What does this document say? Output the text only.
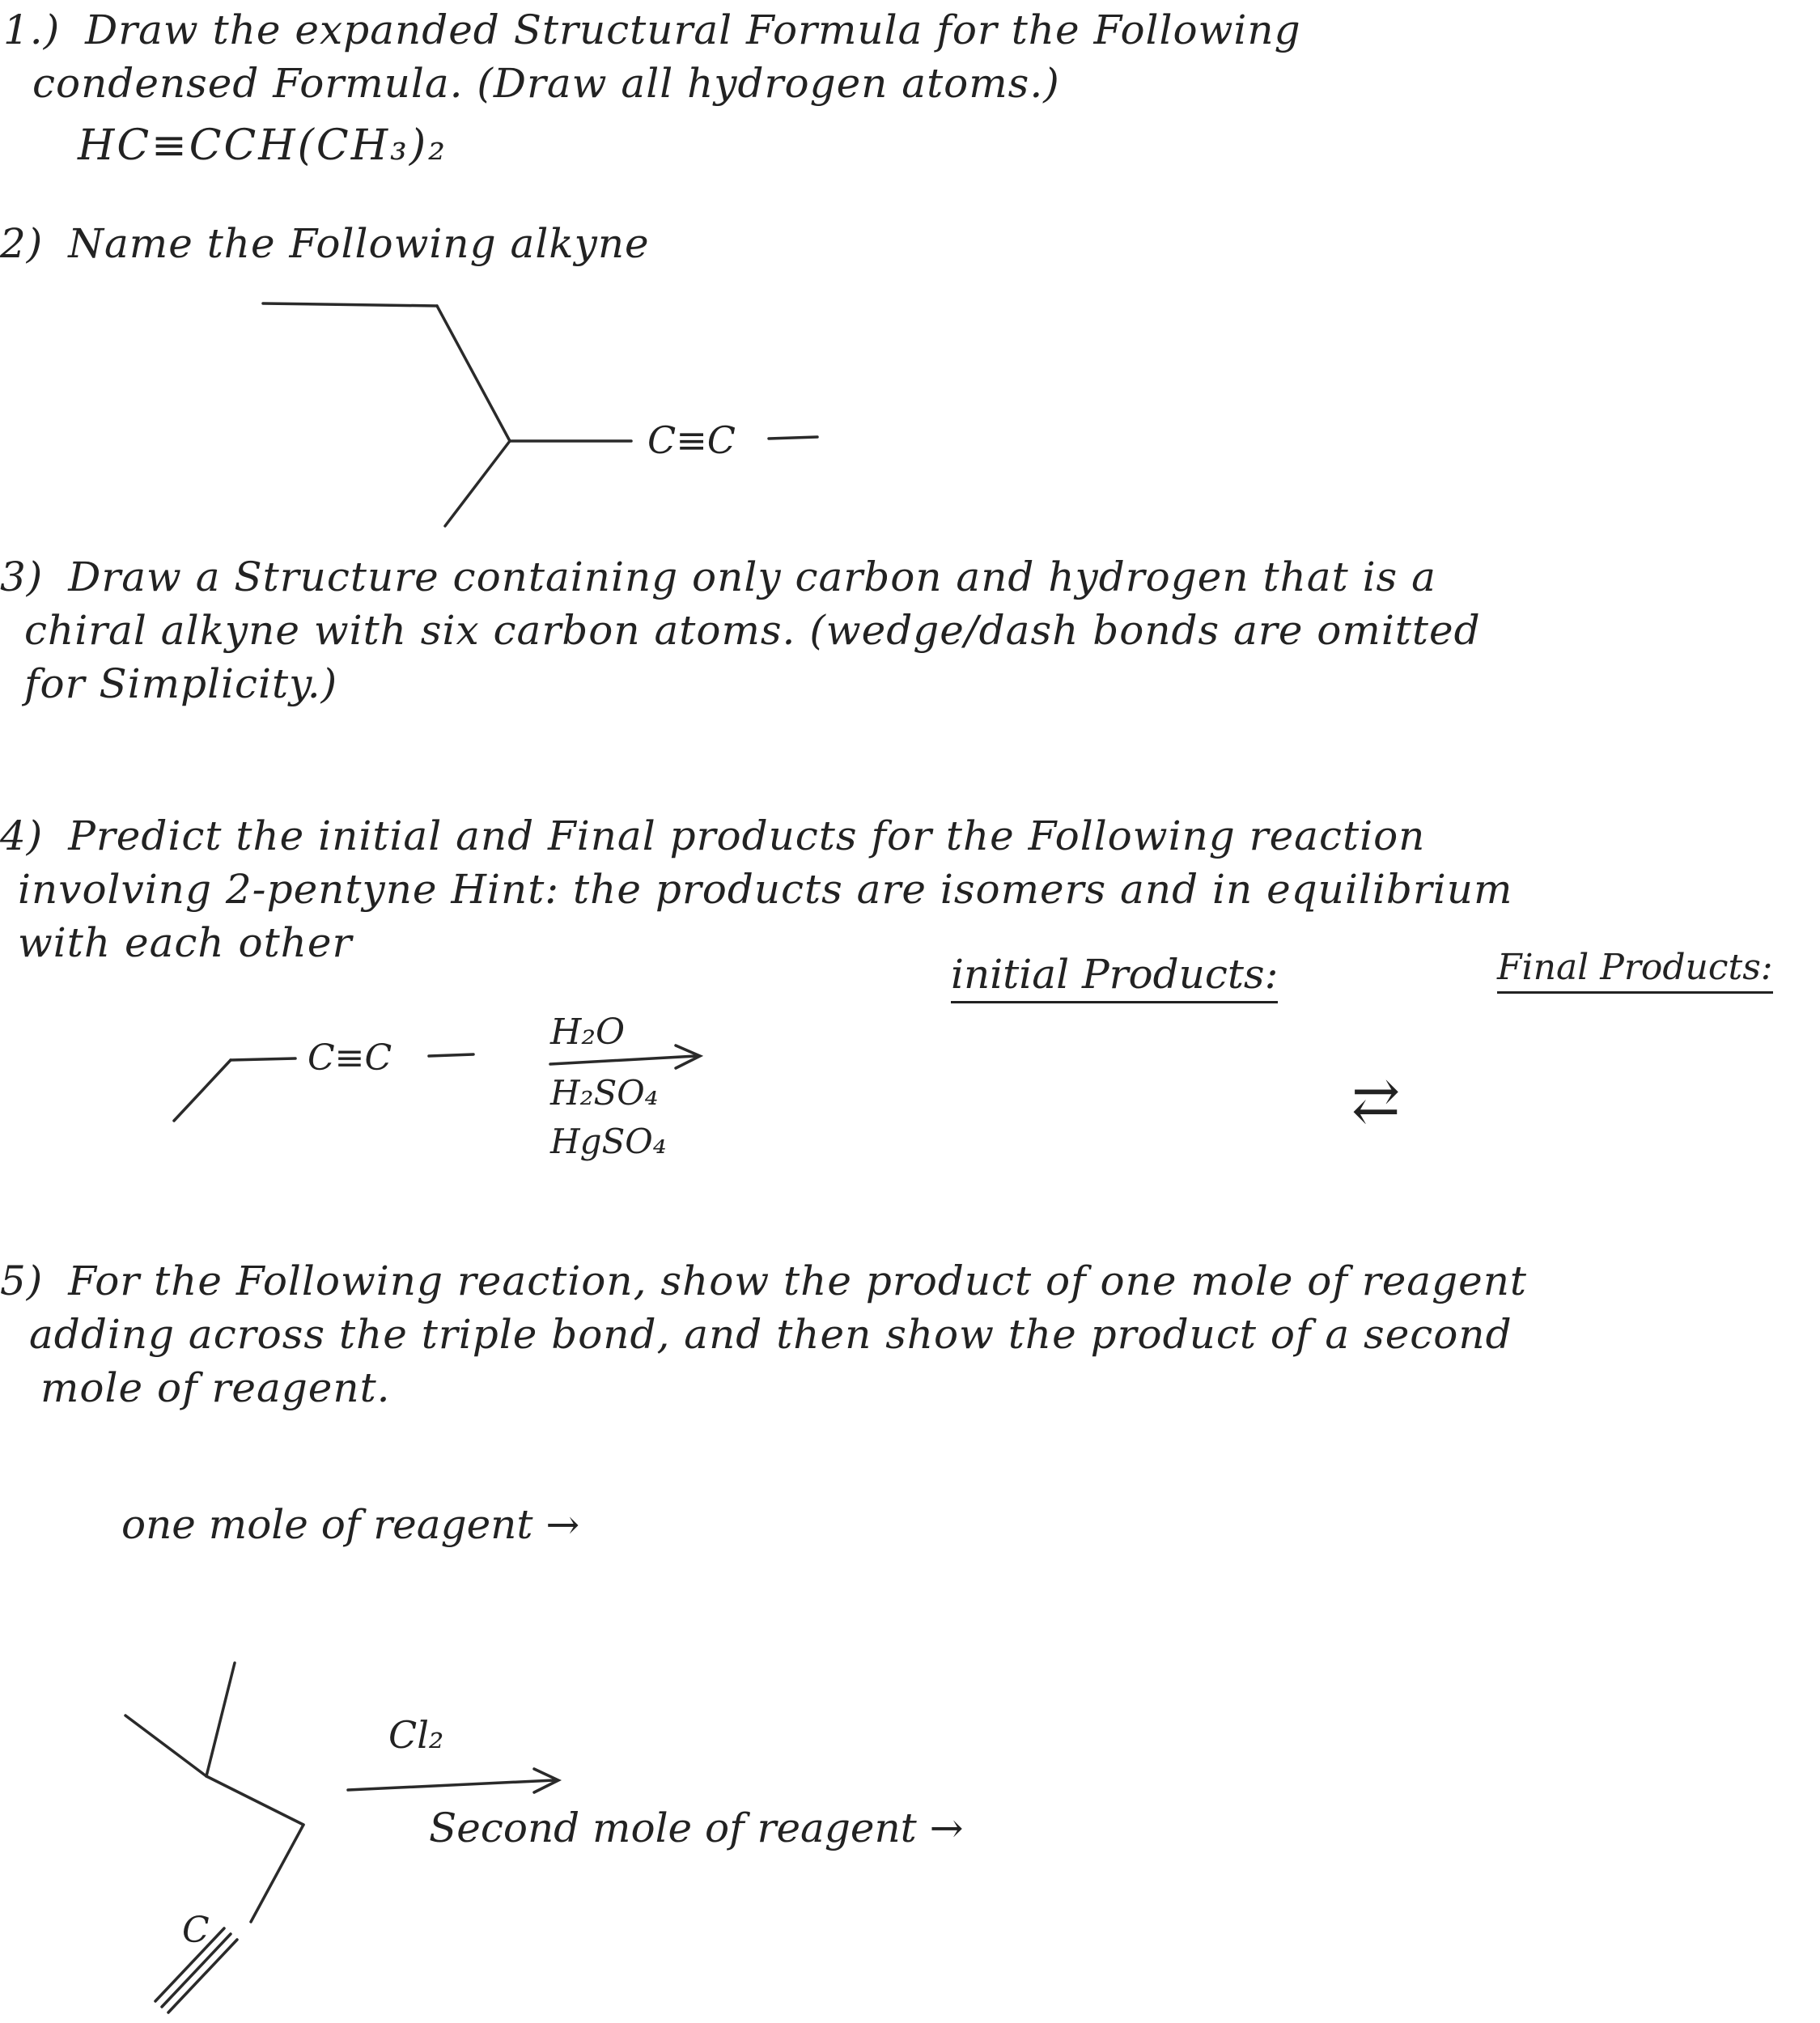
1.) Draw the expanded Structural Formula for the Following
condensed Formula. (Draw all hydrogen atoms.)
HC≡CCH(CH₃)₂
2) Name the Following alkyne
3) Draw a Structure containing only carbon and hydrogen that is a
chiral alkyne with six carbon atoms. (wedge/dash bonds are omitted
for Simplicity.)
4) Predict the initial and Final products for the Following reaction
involving 2-pentyne Hint: the products are isomers and in equilibrium
with each other
initial Products:	Final Products:
5) For the Following reaction, show the product of one mole of reagent
adding across the triple bond, and then show the product of a second
mole of reagent.
one mole of reagent →
Second mole of reagent →
C≡C
C≡C
H₂O
H₂SO₄
HgSO₄
⇄
C
Cl₂
